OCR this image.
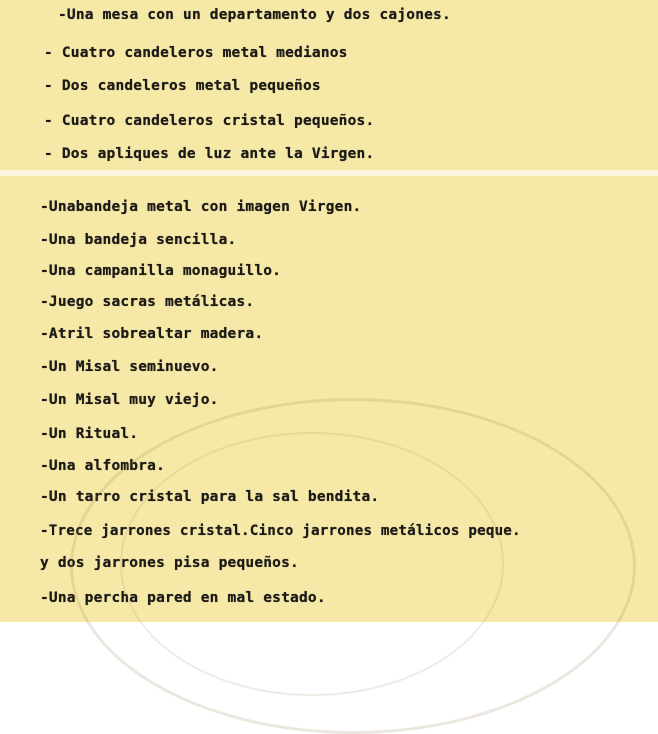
-Una mesa con un departamento y dos cajones.
- Cuatro candeleros metal medianos
- Dos candeleros metal pequeños
- Cuatro candeleros cristal pequeños.
- Dos apliques de luz ante la Virgen.
-Unabandeja metal con imagen Virgen.
-Una bandeja sencilla.
-Una campanilla monaguillo.
-Juego sacras metálicas.
-Atril sobrealtar madera.
-Un Misal seminuevo.
-Un Misal muy viejo.
-Un Ritual.
-Una alfombra.
-Un tarro cristal para la sal bendita.
-Trece jarrones cristal.Cinco jarrones metálicos peque.
y dos jarrones pisa pequeños.
-Una percha pared en mal estado.
